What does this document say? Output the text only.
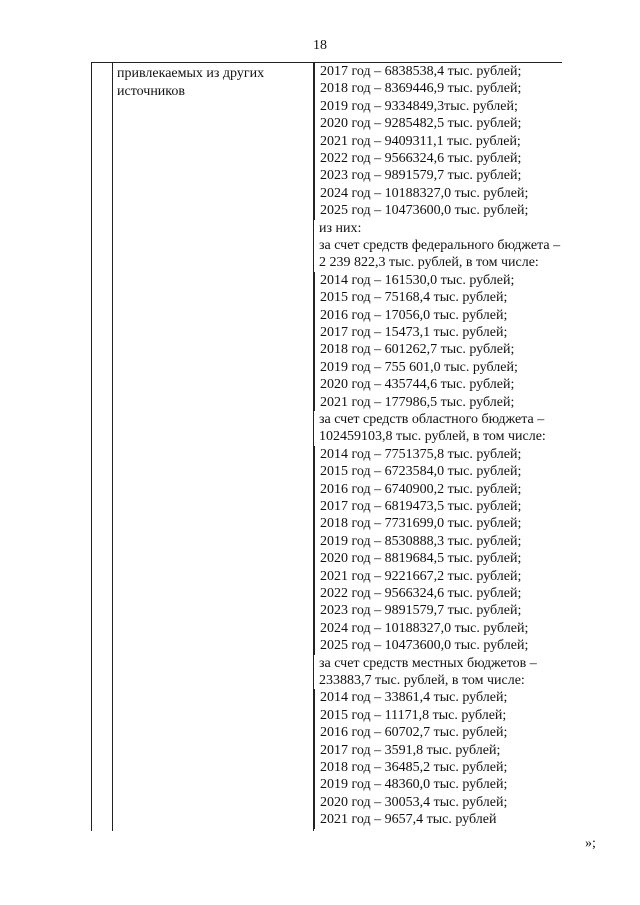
18
привлекаемых из других
источников
2017 год – 6838538,4 тыс. рублей;
2018 год – 8369446,9 тыс. рублей;
2019 год – 9334849,3тыс. рублей;
2020 год – 9285482,5 тыс. рублей;
2021 год – 9409311,1 тыс. рублей;
2022 год – 9566324,6 тыс. рублей;
2023 год – 9891579,7 тыс. рублей;
2024 год – 10188327,0 тыс. рублей;
2025 год – 10473600,0 тыс. рублей;
из них:
за счет средств федерального бюджета –
2 239 822,3 тыс. рублей, в том числе:
2014 год – 161530,0 тыс. рублей;
2015 год – 75168,4 тыс. рублей;
2016 год – 17056,0 тыс. рублей;
2017 год – 15473,1 тыс. рублей;
2018 год – 601262,7 тыс. рублей;
2019 год – 755 601,0 тыс. рублей;
2020 год – 435744,6 тыс. рублей;
2021 год – 177986,5 тыс. рублей;
за счет средств областного бюджета –
102459103,8 тыс. рублей, в том числе:
2014 год – 7751375,8 тыс. рублей;
2015 год – 6723584,0 тыс. рублей;
2016 год – 6740900,2 тыс. рублей;
2017 год – 6819473,5 тыс. рублей;
2018 год – 7731699,0 тыс. рублей;
2019 год – 8530888,3 тыс. рублей;
2020 год – 8819684,5 тыс. рублей;
2021 год – 9221667,2 тыс. рублей;
2022 год – 9566324,6 тыс. рублей;
2023 год – 9891579,7 тыс. рублей;
2024 год – 10188327,0 тыс. рублей;
2025 год – 10473600,0 тыс. рублей;
за счет средств местных бюджетов –
233883,7 тыс. рублей, в том числе:
2014 год – 33861,4 тыс. рублей;
2015 год – 11171,8 тыс. рублей;
2016 год – 60702,7 тыс. рублей;
2017 год – 3591,8 тыс. рублей;
2018 год – 36485,2 тыс. рублей;
2019 год – 48360,0 тыс. рублей;
2020 год – 30053,4 тыс. рублей;
2021 год – 9657,4 тыс. рублей
»;
